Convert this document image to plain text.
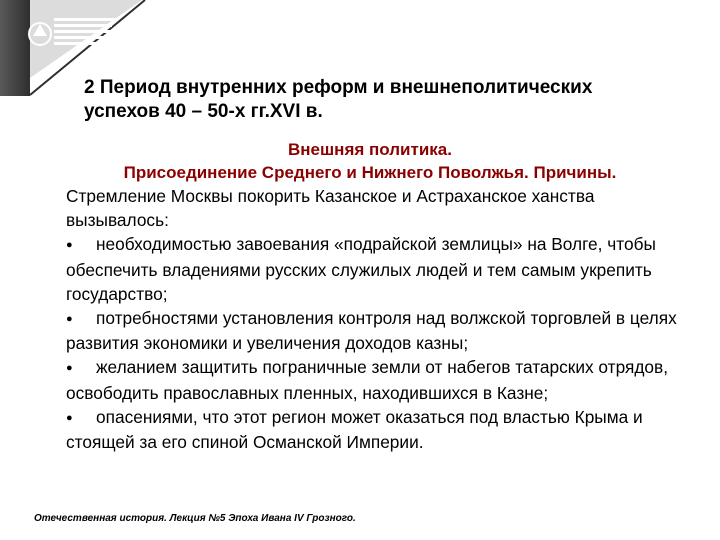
2 Период внутренних реформ и внешнеполитических
успехов 40 – 50-х гг.XVI в.
Внешняя политика.
Присоединение Среднего и Нижнего Поволжья. Причины.

Стремление Москвы покорить Казанское и Астраханское ханства вызывалось:

● необходимостью завоевания «подрайской землицы» на Волге, чтобы обеспечить владениями русских служилых людей и тем самым укрепить государство;

● потребностями установления контроля над волжской торговлей в целях развития экономики и увеличения доходов казны;

● желанием защитить пограничные земли от набегов татарских отрядов, освободить православных пленных, находившихся в Казне;

● опасениями, что этот регион может оказаться под властью Крыма и стоящей за его спиной Османской Империи.

Отечественная история. Лекция №5 Эпоха Ивана IV Грозного.
